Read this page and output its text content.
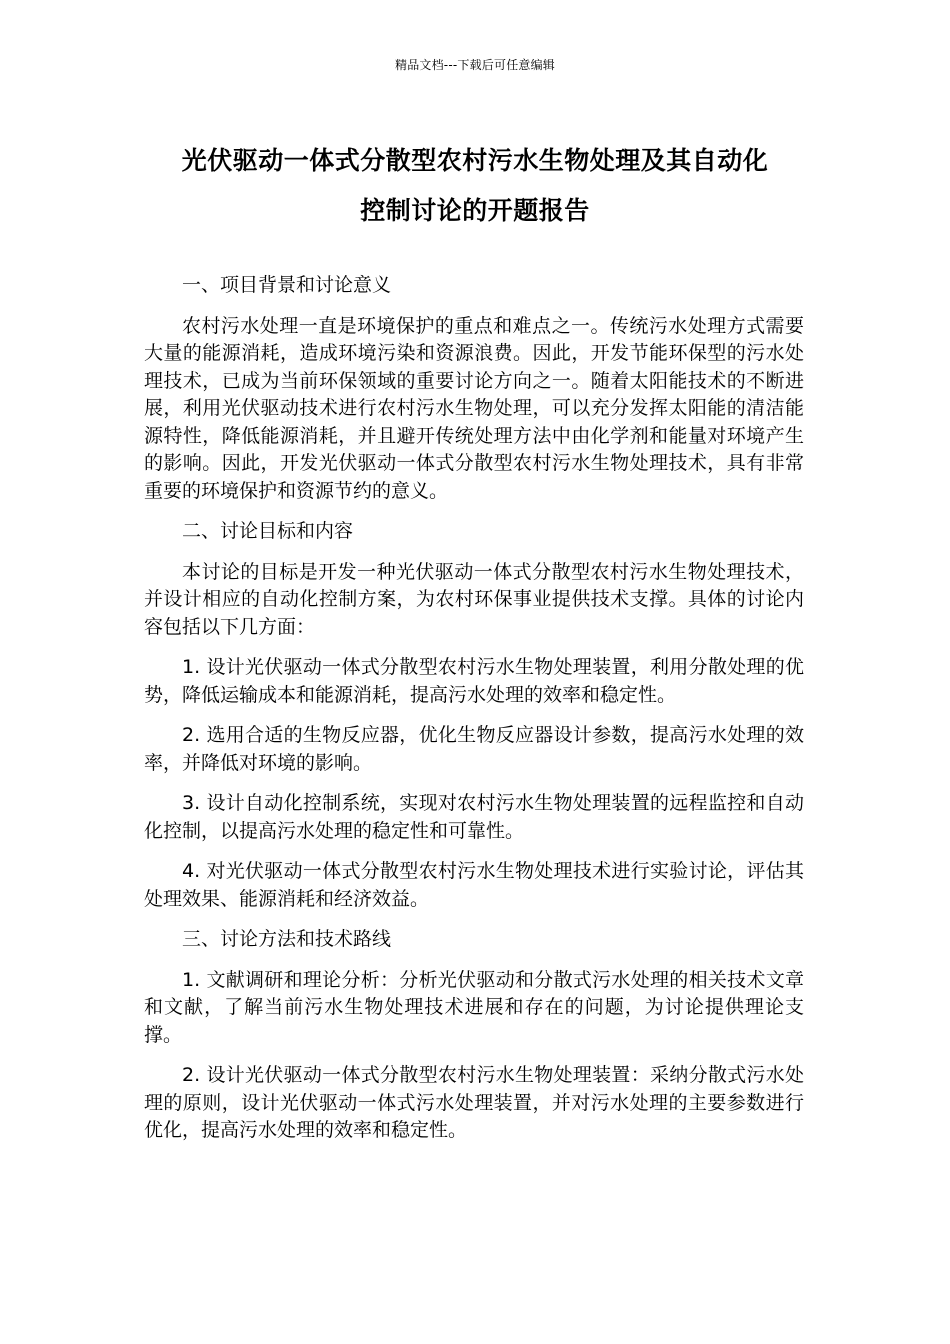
精品文档---下载后可任意编辑
光伏驱动一体式分散型农村污水生物处理及其自动化
控制讨论的开题报告

一、项目背景和讨论意义

农村污水处理一直是环境保护的重点和难点之一。传统污水处理方式需要大量的能源消耗，造成环境污染和资源浪费。因此，开发节能环保型的污水处理技术，已成为当前环保领域的重要讨论方向之一。随着太阳能技术的不断进展，利用光伏驱动技术进行农村污水生物处理，可以充分发挥太阳能的清洁能源特性，降低能源消耗，并且避开传统处理方法中由化学剂和能量对环境产生的影响。因此，开发光伏驱动一体式分散型农村污水生物处理技术，具有非常重要的环境保护和资源节约的意义。

二、讨论目标和内容

本讨论的目标是开发一种光伏驱动一体式分散型农村污水生物处理技术，并设计相应的自动化控制方案，为农村环保事业提供技术支撑。具体的讨论内容包括以下几方面：

1. 设计光伏驱动一体式分散型农村污水生物处理装置，利用分散处理的优势，降低运输成本和能源消耗，提高污水处理的效率和稳定性。

2. 选用合适的生物反应器，优化生物反应器设计参数，提高污水处理的效率，并降低对环境的影响。

3. 设计自动化控制系统，实现对农村污水生物处理装置的远程监控和自动化控制，以提高污水处理的稳定性和可靠性。

4. 对光伏驱动一体式分散型农村污水生物处理技术进行实验讨论，评估其处理效果、能源消耗和经济效益。

三、讨论方法和技术路线

1. 文献调研和理论分析：分析光伏驱动和分散式污水处理的相关技术文章和文献，了解当前污水生物处理技术进展和存在的问题，为讨论提供理论支撑。

2. 设计光伏驱动一体式分散型农村污水生物处理装置：采纳分散式污水处理的原则，设计光伏驱动一体式污水处理装置，并对污水处理的主要参数进行优化，提高污水处理的效率和稳定性。
